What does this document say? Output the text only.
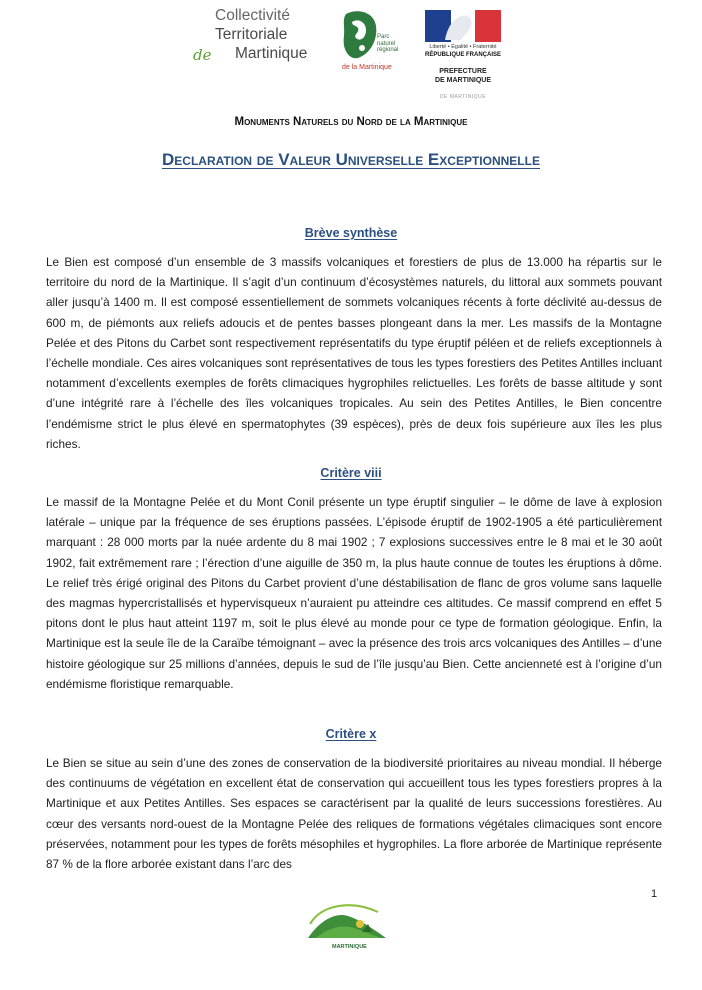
Collectivité
Territoriale
de Martinique
Parc naturel régional
de la Martinique
Liberté • Égalité • Fraternité
RÉPUBLIQUE FRANÇAISE
PREFECTURE
DE MARTINIQUE
DE MARTINIQUE
Monuments Naturels du Nord de la Martinique
Declaration de Valeur Universelle Exceptionnelle
Brève synthèse

Le Bien est composé d’un ensemble de 3 massifs volcaniques et forestiers de plus de 13.000 ha répartis sur le territoire du nord de la Martinique. Il s’agit d’un continuum d’écosystèmes naturels, du littoral aux sommets pouvant aller jusqu’à 1400 m. Il est composé essentiellement de sommets volcaniques récents à forte déclivité au-dessus de 600 m, de piémonts aux reliefs adoucis et de pentes basses plongeant dans la mer. Les massifs de la Montagne Pelée et des Pitons du Carbet sont respectivement représentatifs du type éruptif péléen et de reliefs exceptionnels à l’échelle mondiale. Ces aires volcaniques sont représentatives de tous les types forestiers des Petites Antilles incluant notamment d’excellents exemples de forêts climaciques hygrophiles relictuelles. Les forêts de basse altitude y sont d’une intégrité rare à l’échelle des îles volcaniques tropicales. Au sein des Petites Antilles, le Bien concentre l’endémisme strict le plus élevé en spermatophytes (39 espèces), près de deux fois supérieure aux îles les plus riches.

Critère viii

Le massif de la Montagne Pelée et du Mont Conil présente un type éruptif singulier – le dôme de lave à explosion latérale – unique par la fréquence de ses éruptions passées. L’épisode éruptif de 1902-1905 a été particulièrement marquant : 28 000 morts par la nuée ardente du 8 mai 1902 ; 7 explosions successives entre le 8 mai et le 30 août 1902, fait extrêmement rare ; l’érection d’une aiguille de 350 m, la plus haute connue de toutes les éruptions à dôme. Le relief très érigé original des Pitons du Carbet provient d’une déstabilisation de flanc de gros volume sans laquelle des magmas hypercristallisés et hypervisqueux n’auraient pu atteindre ces altitudes. Ce massif comprend en effet 5 pitons dont le plus haut atteint 1197 m, soit le plus élevé au monde pour ce type de formation géologique. Enfin, la Martinique est la seule île de la Caraïbe témoignant – avec la présence des trois arcs volcaniques des Antilles – d’une histoire géologique sur 25 millions d’années, depuis le sud de l’île jusqu’au Bien. Cette ancienneté est à l’origine d’un endémisme floristique remarquable.

Critère x

Le Bien se situe au sein d’une des zones de conservation de la biodiversité prioritaires au niveau mondial. Il héberge des continuums de végétation en excellent état de conservation qui accueillent tous les types forestiers propres à la Martinique et aux Petites Antilles. Ses espaces se caractérisent par la qualité de leurs successions forestières. Au cœur des versants nord-ouest de la Montagne Pelée des reliques de formations végétales climaciques sont encore préservées, notamment pour les types de forêts mésophiles et hygrophiles. La flore arborée de Martinique représente 87 % de la flore arborée existant dans l’arc des

1
MARTINIQUE
